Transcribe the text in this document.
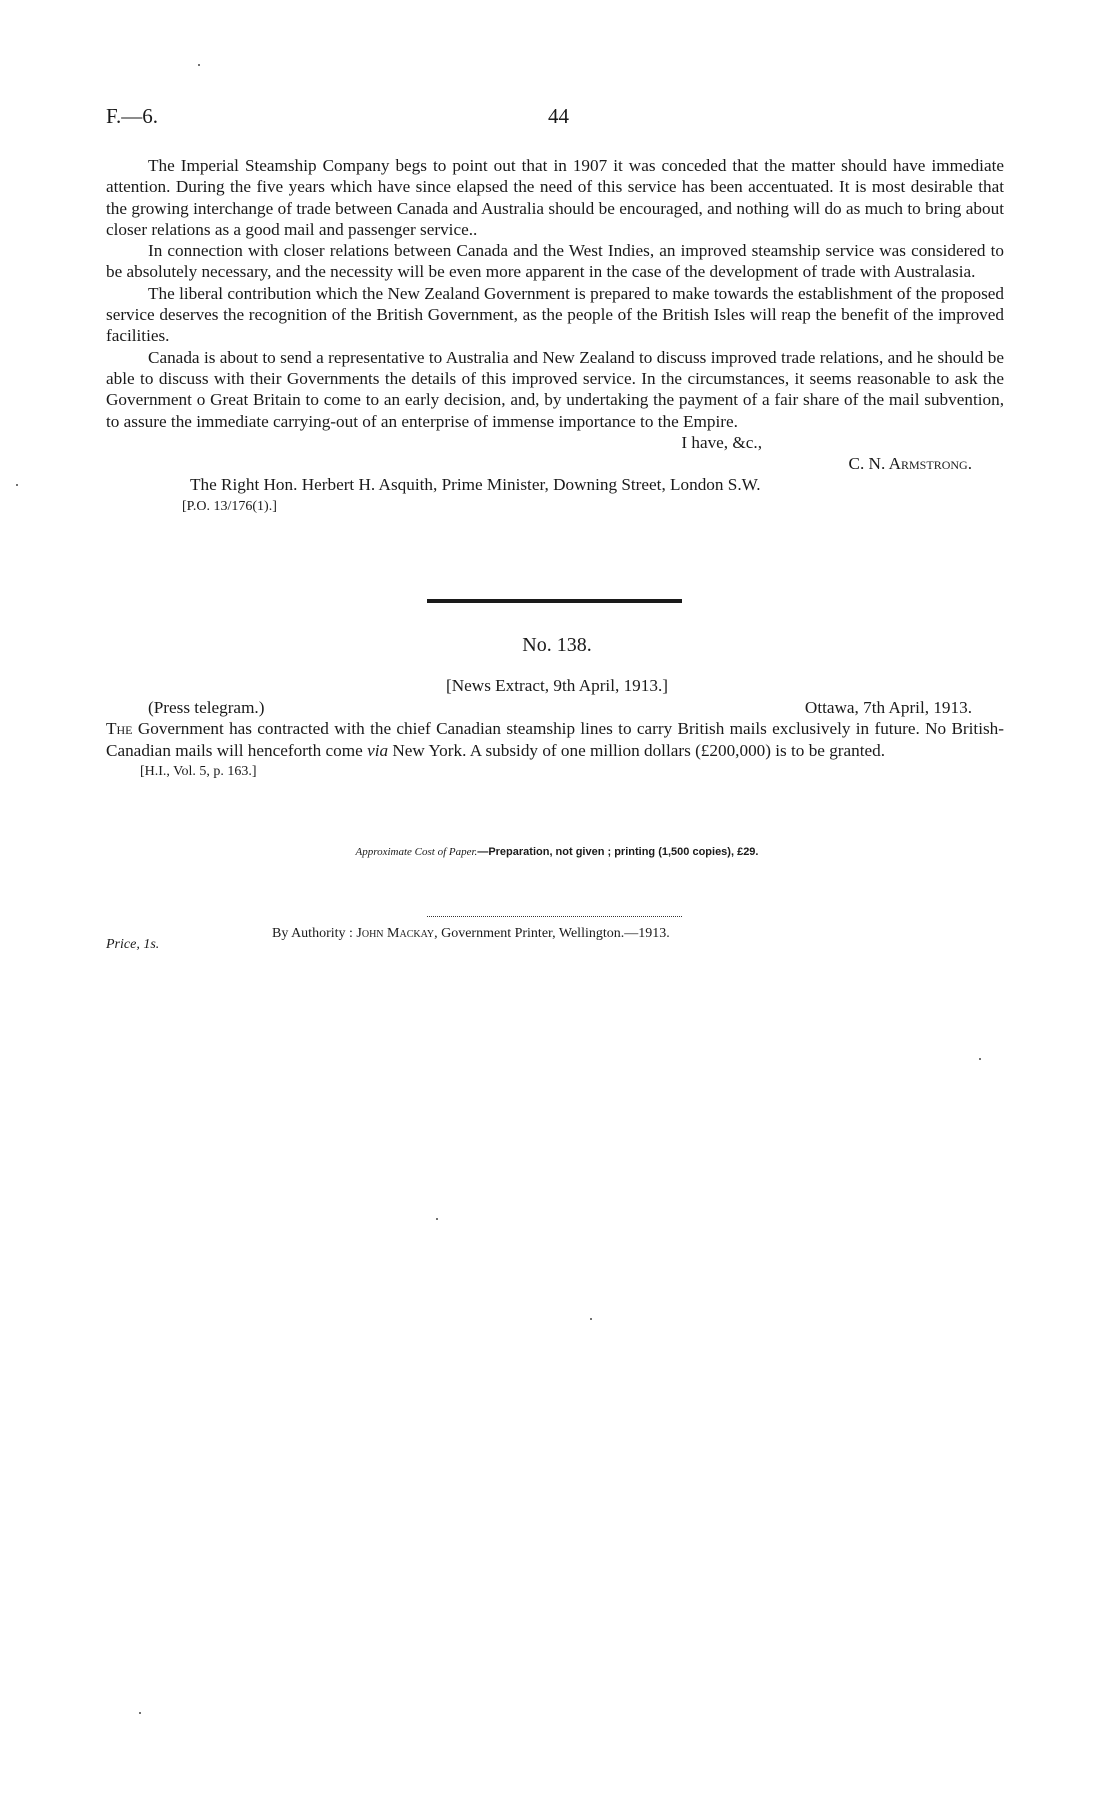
F.—6.	44

The Imperial Steamship Company begs to point out that in 1907 it was conceded that the matter should have immediate attention. During the five years which have since elapsed the need of this service has been accentuated. It is most desirable that the growing interchange of trade between Canada and Australia should be encouraged, and nothing will do as much to bring about closer relations as a good mail and passenger service..

In connection with closer relations between Canada and the West Indies, an improved steamship service was considered to be absolutely necessary, and the necessity will be even more apparent in the case of the development of trade with Australasia.

The liberal contribution which the New Zealand Government is prepared to make towards the establishment of the proposed service deserves the recognition of the British Government, as the people of the British Isles will reap the benefit of the improved facilities.

Canada is about to send a representative to Australia and New Zealand to discuss improved trade relations, and he should be able to discuss with their Governments the details of this improved service. In the circumstances, it seems reasonable to ask the Government o Great Britain to come to an early decision, and, by undertaking the payment of a fair share of the mail subvention, to assure the immediate carrying-out of an enterprise of immense importance to the Empire.

I have, &c.,
C. N. Armstrong.

The Right Hon. Herbert H. Asquith, Prime Minister, Downing Street, London S.W.

[P.O. 13/176(1).]

No. 138.
[News Extract, 9th April, 1913.]
(Press telegram.)	Ottawa, 7th April, 1913.

The Government has contracted with the chief Canadian steamship lines to carry British mails exclusively in future. No British-Canadian mails will henceforth come via New York. A subsidy of one million dollars (£200,000) is to be granted.

[H.I., Vol. 5, p. 163.]

Approximate Cost of Paper.—Preparation, not given ; printing (1,500 copies), £29.
By Authority : John Mackay, Government Printer, Wellington.—1913.
Price, 1s.
